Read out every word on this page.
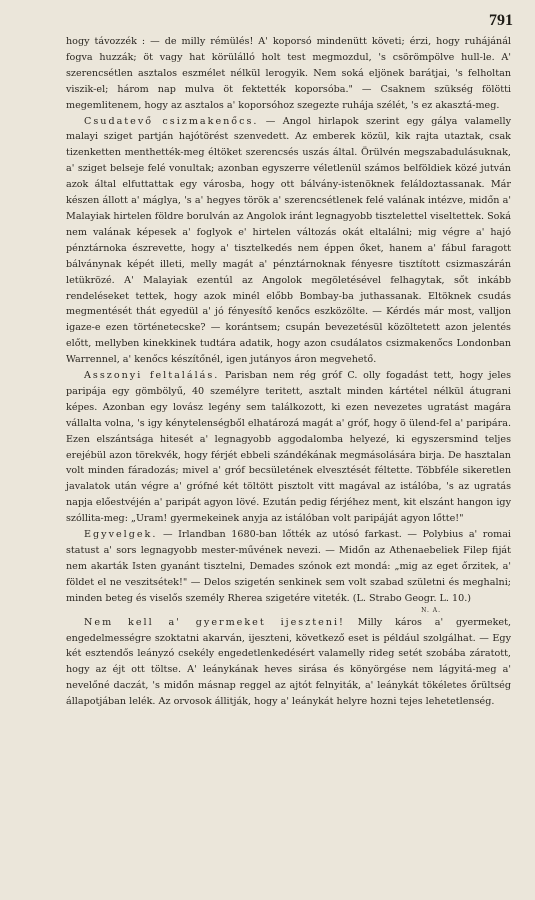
791

hogy távozzék : — de milly rémülés! A' koporsó mindenütt követi; érzi, hogy ruhájánál fogva huzzák; öt vagy hat körülálló holt test megmozdul, 's csörömpölve hull-le. A' szerencsétlen asztalos eszmélet nélkül lerogyik. Nem soká eljönek barátjai, 's felholtan viszik-el; három nap mulva öt fektették koporsóba." — Csaknem szükség fölötti megemlitenem, hogy az asztalos a' koporsóhoz szegezte ruhája szélét, 's ez akasztá-meg.

Csudatevő csizmakenőcs. — Angol hirlapok szerint egy gálya valamelly malayi sziget partján hajótörést szenvedett. Az emberek közül, kik rajta utaztak, csak tizenketten menthették-meg éltöket szerencsés uszás által. Örülvén megszabadulásuknak, a' sziget belseje felé vonultak; azonban egyszerre véletlenül számos belföldiek közé jutván azok által elfuttattak egy városba, hogy ott bálvány-istenöknek feláldoztassanak. Már készen állott a' máglya, 's a' hegyes török a' szerencsétlenek felé valának intézve, midőn a' Malayiak hirtelen földre borulván az Angolok iránt legnagyobb tisztelettel viseltettek. Soká nem valának képesek a' foglyok e' hirtelen változás okát eltalálni; mig végre a' hajó pénztárnoka észrevette, hogy a' tisztelkedés nem éppen őket, hanem a' fábul faragott bálványnak képét illeti, melly magát a' pénztárnoknak fényesre tisztított csizmaszárán letükrözé. A' Malayiak ezentúl az Angolok megöletésével felhagytak, sőt inkább rendeléseket tettek, hogy azok minél előbb Bombay-ba juthassanak. Eltöknek csudás megmentését thát egyedül a' jó fényesítő kenőcs eszközölte. — Kérdés már most, valljon igaze-e ezen történetecske? — korántsem; csupán bevezetésül közöltetett azon jelentés előtt, mellyben kinekkinek tudtára adatik, hogy azon csudálatos csizmakenőcs Londonban Warrennel, a' kenőcs készítőnél, igen jutányos áron megvehető.

Asszonyi feltalálás. Parisban nem rég gróf C. olly fogadást tett, hogy jeles paripája egy gömbölyű, 40 személyre teritett, asztalt minden kártétel nélkül átugrani képes. Azonban egy lovász legény sem találkozott, ki ezen nevezetes ugratást magára vállalta volna, 's igy kénytelenségből elhatározá magát a' gróf, hogy ö ülend-fel a' paripára. Ezen elszántsága hitesét a' legnagyobb aggodalomba helyezé, ki egyszersmind teljes erejébül azon törekvék, hogy férjét ebbeli szándékának megmásolására birja. De hasztalan volt minden fáradozás; mivel a' gróf becsületének elvesztését féltette. Többféle sikeretlen javalatok után végre a' grófné két töltött pisztolt vitt magával az istálóba, 's az ugratás napja előestvéjén a' paripát agyon lövé. Ezután pedig férjéhez ment, kit elszánt hangon igy szóllita-meg: „Uram! gyermekeinek anyja az istálóban volt paripáját agyon lőtte!"

Egyvelgek. — Irlandban 1680-ban lőtték az utósó farkast. — Polybius a' romai statust a' sors legnagyobb mester-művének nevezi. — Midőn az Athenaebeliek Filep fiját nem akarták Isten gyanánt tisztelni, Demades szónok ezt mondá: „mig az eget őrzitek, a' földet el ne veszitsétek!" — Delos szigetén senkinek sem volt szabad születni és meghalni; minden beteg és viselős személy Rherea szigetére viteték. (L. Strabo Geogr. L. 10.)

N. A.

Nem kell a' gyermeket ijeszteni! Milly káros a' gyermeket, engedelmességre szoktatni akarván, ijeszteni, következő eset is például szolgálhat. — Egy két esztendős leányzó csekély engedetlenkedésért valamelly rideg setét szobába záratott, hogy az éjt ott töltse. A' leánykának heves sirása és könyörgése nem lágyitá-meg a' nevelőné daczát, 's midőn másnap reggel az ajtót felnyiták, a' leánykát tökéletes őrültség állapotjában lelék. Az orvosok állitják, hogy a' leánykát helyre hozni tejes lehetetlenség.
